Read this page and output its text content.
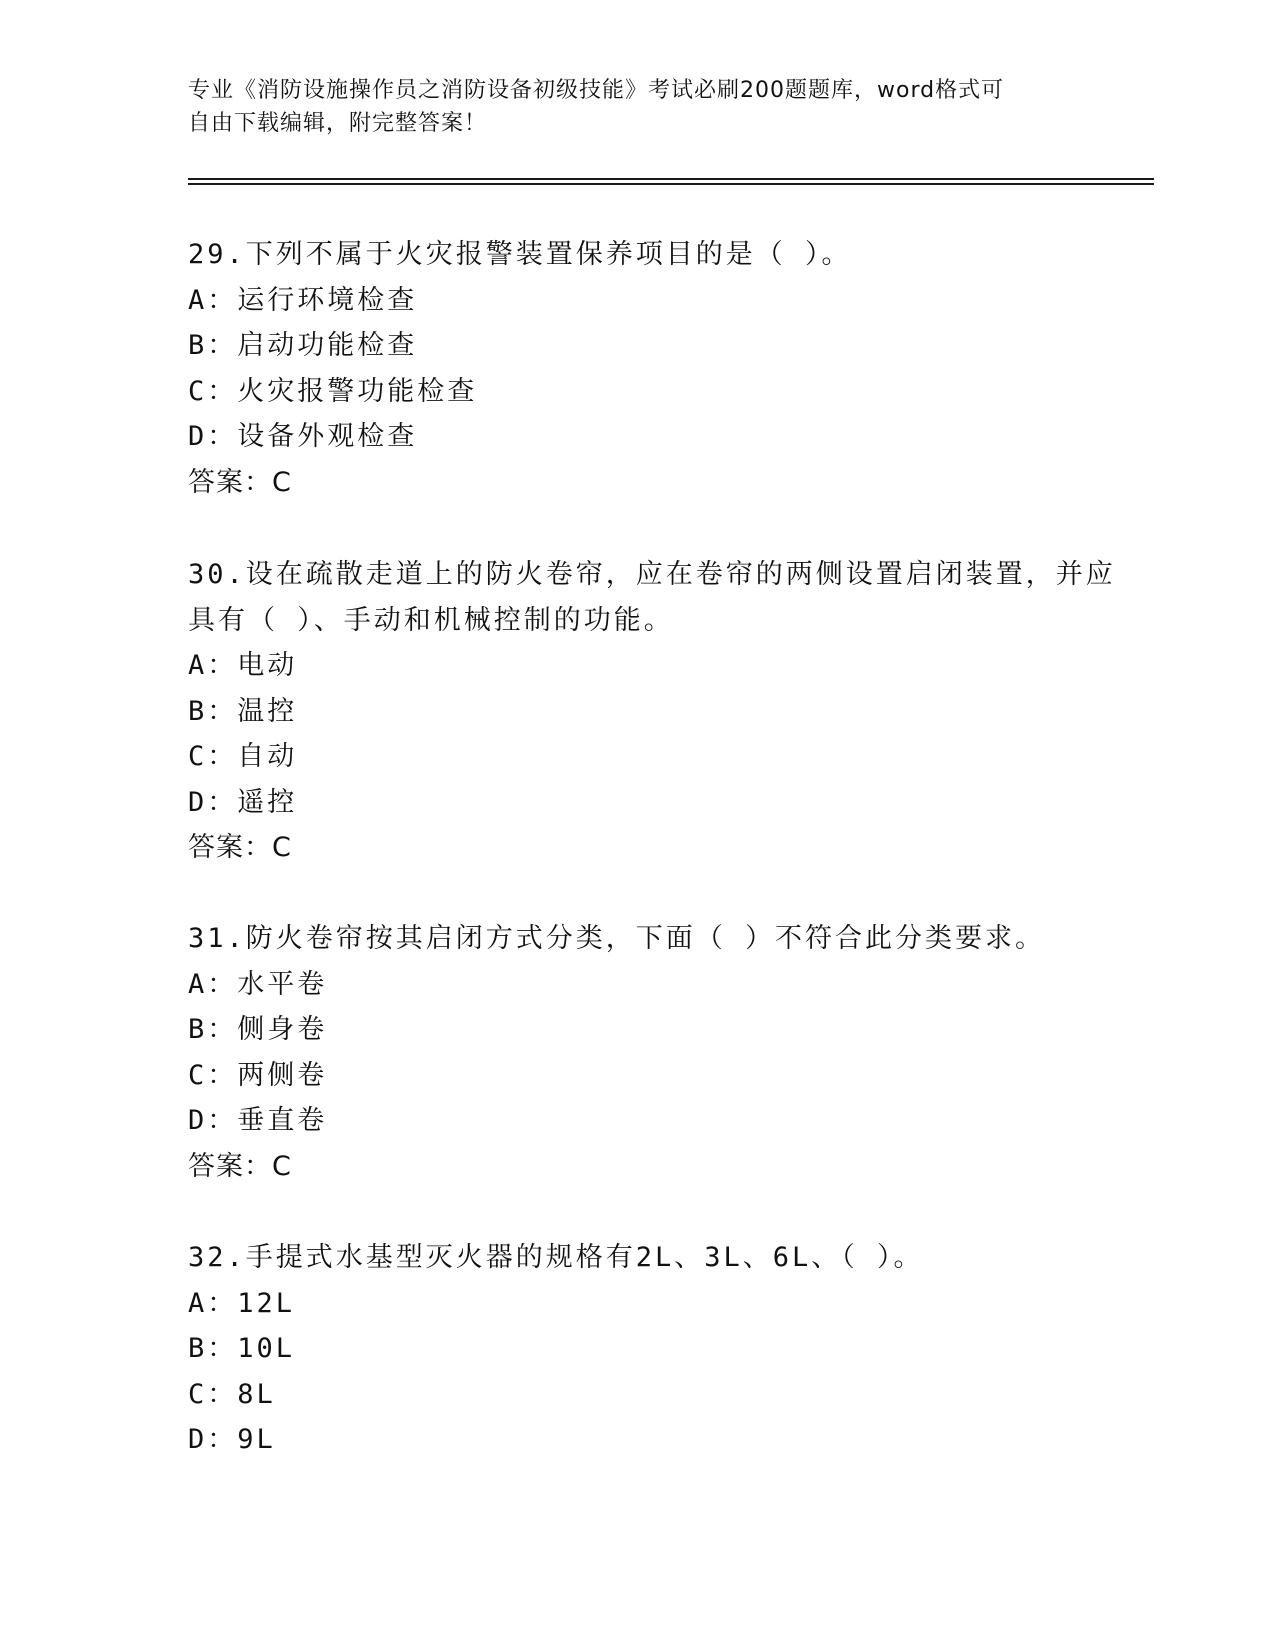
专业《消防设施操作员之消防设备初级技能》考试必刷200题题库，word格式可
自由下载编辑，附完整答案！
29.下列不属于火灾报警装置保养项目的是（ ）。
A：运行环境检查
B：启动功能检查
C：火灾报警功能检查
D：设备外观检查
答案：C
30.设在疏散走道上的防火卷帘，应在卷帘的两侧设置启闭装置，并应
具有（ ）、手动和机械控制的功能。
A：电动
B：温控
C：自动
D：遥控
答案：C
31.防火卷帘按其启闭方式分类，下面（ ）不符合此分类要求。
A：水平卷
B：侧身卷
C：两侧卷
D：垂直卷
答案：C
32.手提式水基型灭火器的规格有2L、3L、6L、（ ）。
A：12L
B：10L
C：8L
D：9L
